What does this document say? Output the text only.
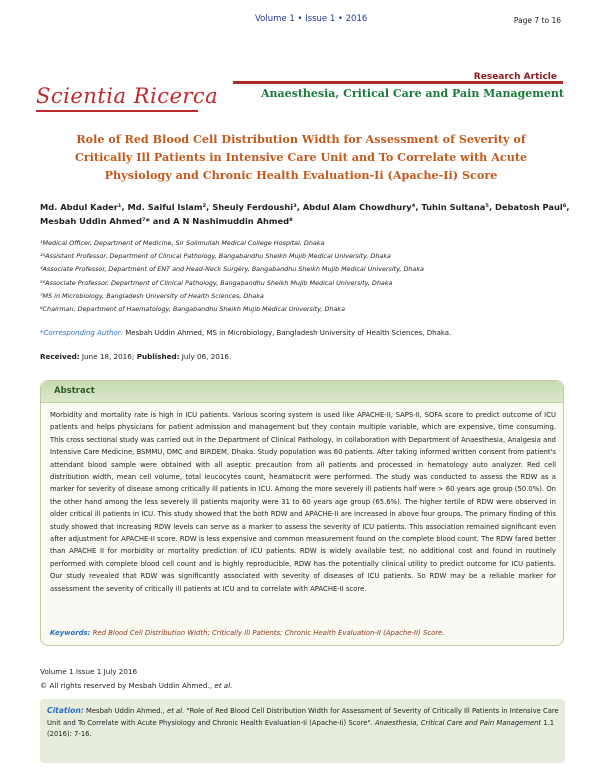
Volume 1 • Issue 1 • 2016	Page 7 to 16
Research Article
Scientia Ricerca	Anaesthesia, Critical Care and Pain Management
Role of Red Blood Cell Distribution Width for Assessment of Severity of Critically Ill Patients in Intensive Care Unit and To Correlate with Acute Physiology and Chronic Health Evaluation-Ii (Apache-Ii) Score
Md. Abdul Kader¹, Md. Saiful Islam², Sheuly Ferdoushi³, Abdul Alam Chowdhury⁴, Tuhin Sultana⁵, Debatosh Paul⁶,
Mesbah Uddin Ahmed⁷* and A N Nashimuddin Ahmed⁸
¹Medical Officer, Department of Medicine, Sir Solimullah Medical College Hospital, Dhaka
²³Assistant Professor, Department of Clinical Pathology, Bangabandhu Sheikh Mujib Medical University, Dhaka
⁴Associate Professor, Department of ENT and Head-Neck Surgery, Bangabandhu Sheikh Mujib Medical University, Dhaka
⁵⁶Associate Professor, Department of Clinical Pathology, Bangabandhu Sheikh Mujib Medical University, Dhaka
⁷MS in Microbiology, Bangladesh University of Health Sciences, Dhaka
⁸Chairman, Department of Haematology, Bangabandhu Sheikh Mujib Medical University, Dhaka
*Corresponding Author: Mesbah Uddin Ahmed, MS in Microbiology, Bangladesh University of Health Sciences, Dhaka.
Received: June 18, 2016; Published: July 06, 2016.
Abstract
Morbidity and mortality rate is high in ICU patients. Various scoring system is used like APACHE-II, SAPS-II, SOFA score to predict outcome of ICU patients and helps physicians for patient admission and management but they contain multiple variable, which are expensive, time consuming. This cross sectional study was carried out in the Department of Clinical Pathology, in collaboration with Department of Anaesthesia, Analgesia and Intensive Care Medicine, BSMMU, DMC and BIRDEM, Dhaka. Study population was 60 patients. After taking informed written consent from patient's attendant blood sample were obtained with all aseptic precaution from all patients and processed in hematology auto analyzer. Red cell distribution width, mean cell volume, total leucocytes count, heamatocrit were performed. The study was conducted to assess the RDW as a marker for severity of disease among critically ill patients in ICU. Among the more severely ill patients half were > 60 years age group (50.0%). On the other hand among the less severely ill patients majority were 31 to 60 years age group (65.6%). The higher tertile of RDW were observed in older critical ill patients in ICU. This study showed that the both RDW and APACHE-II are increased in above four groups. The primary finding of this study showed that increasing RDW levels can serve as a marker to assess the severity of ICU patients. This association remained significant even after adjustment for APACHE-II score. RDW is less expensive and common measurement found on the complete blood count. The RDW fared better than APACHE II for morbidity or mortality prediction of ICU patients. RDW is widely available test, no additional cost and found in routinely performed with complete blood cell count and is highly reproducible, RDW has the potentially clinical utility to predict outcome for ICU patients. Our study revealed that RDW was significantly associated with severity of diseases of ICU patients. So RDW may be a reliable marker for assessment the severity of critically ill patients at ICU and to correlate with APACHE-II score.
Keywords: Red Blood Cell Distribution Width; Critically Ill Patients; Chronic Health Evaluation-II (Apache-II) Score.
Volume 1 Issue 1 July 2016
© All rights reserved by Mesbah Uddin Ahmed., et al.
Citation: Mesbah Uddin Ahmed., et al. "Role of Red Blood Cell Distribution Width for Assessment of Severity of Critically Ill Patients in Intensive Care Unit and To Correlate with Acute Physiology and Chronic Health Evaluation-Ii (Apache-Ii) Score". Anaesthesia, Critical Care and Pain Management 1.1 (2016): 7-16.
